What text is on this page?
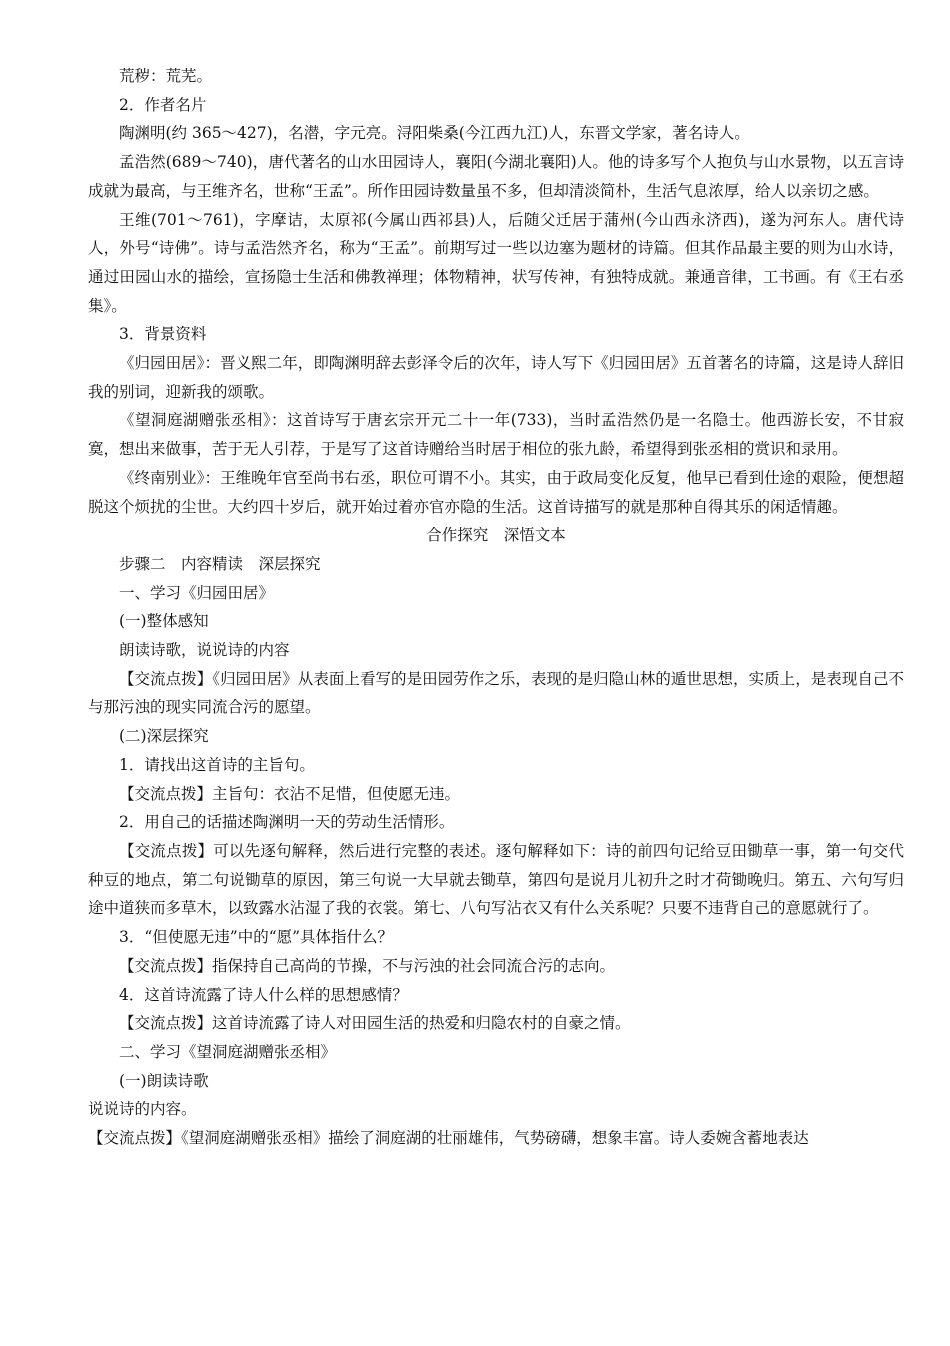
荒秽：荒芜。

2．作者名片

陶渊明(约 365～427)，名潜，字元亮。浔阳柴桑(今江西九江)人，东晋文学家，著名诗人。

孟浩然(689～740)，唐代著名的山水田园诗人，襄阳(今湖北襄阳)人。他的诗多写个人抱负与山水景物，以五言诗成就为最高，与王维齐名，世称“王孟”。所作田园诗数量虽不多，但却清淡简朴，生活气息浓厚，给人以亲切之感。

王维(701～761)，字摩诘，太原祁(今属山西祁县)人，后随父迁居于蒲州(今山西永济西)，遂为河东人。唐代诗人，外号“诗佛”。诗与孟浩然齐名，称为“王孟”。前期写过一些以边塞为题材的诗篇。但其作品最主要的则为山水诗，通过田园山水的描绘，宣扬隐士生活和佛教禅理；体物精神，状写传神，有独特成就。兼通音律，工书画。有《王右丞集》。

3．背景资料

《归园田居》：晋义熙二年，即陶渊明辞去彭泽令后的次年，诗人写下《归园田居》五首著名的诗篇，这是诗人辞旧我的别词，迎新我的颂歌。

《望洞庭湖赠张丞相》：这首诗写于唐玄宗开元二十一年(733)，当时孟浩然仍是一名隐士。他西游长安，不甘寂寞，想出来做事，苦于无人引荐，于是写了这首诗赠给当时居于相位的张九龄，希望得到张丞相的赏识和录用。

《终南别业》：王维晚年官至尚书右丞，职位可谓不小。其实，由于政局变化反复，他早已看到仕途的艰险，便想超脱这个烦扰的尘世。大约四十岁后，就开始过着亦官亦隐的生活。这首诗描写的就是那种自得其乐的闲适情趣。

合作探究　深悟文本

步骤二　内容精读　深层探究

一、学习《归园田居》

(一)整体感知

朗读诗歌，说说诗的内容

【交流点拨】《归园田居》从表面上看写的是田园劳作之乐，表现的是归隐山林的遁世思想，实质上，是表现自己不与那污浊的现实同流合污的愿望。

(二)深层探究

1．请找出这首诗的主旨句。

【交流点拨】主旨句：衣沾不足惜，但使愿无违。

2．用自己的话描述陶渊明一天的劳动生活情形。

【交流点拨】可以先逐句解释，然后进行完整的表述。逐句解释如下：诗的前四句记给豆田锄草一事，第一句交代种豆的地点，第二句说锄草的原因，第三句说一大早就去锄草，第四句是说月儿初升之时才荷锄晚归。第五、六句写归途中道狭而多草木，以致露水沾湿了我的衣裳。第七、八句写沾衣又有什么关系呢？只要不违背自己的意愿就行了。

3．“但使愿无违”中的“愿”具体指什么？

【交流点拨】指保持自己高尚的节操，不与污浊的社会同流合污的志向。

4．这首诗流露了诗人什么样的思想感情？

【交流点拨】这首诗流露了诗人对田园生活的热爱和归隐农村的自豪之情。

二、学习《望洞庭湖赠张丞相》

(一)朗读诗歌

说说诗的内容。

【交流点拨】《望洞庭湖赠张丞相》描绘了洞庭湖的壮丽雄伟，气势磅礴，想象丰富。诗人委婉含蓄地表达
